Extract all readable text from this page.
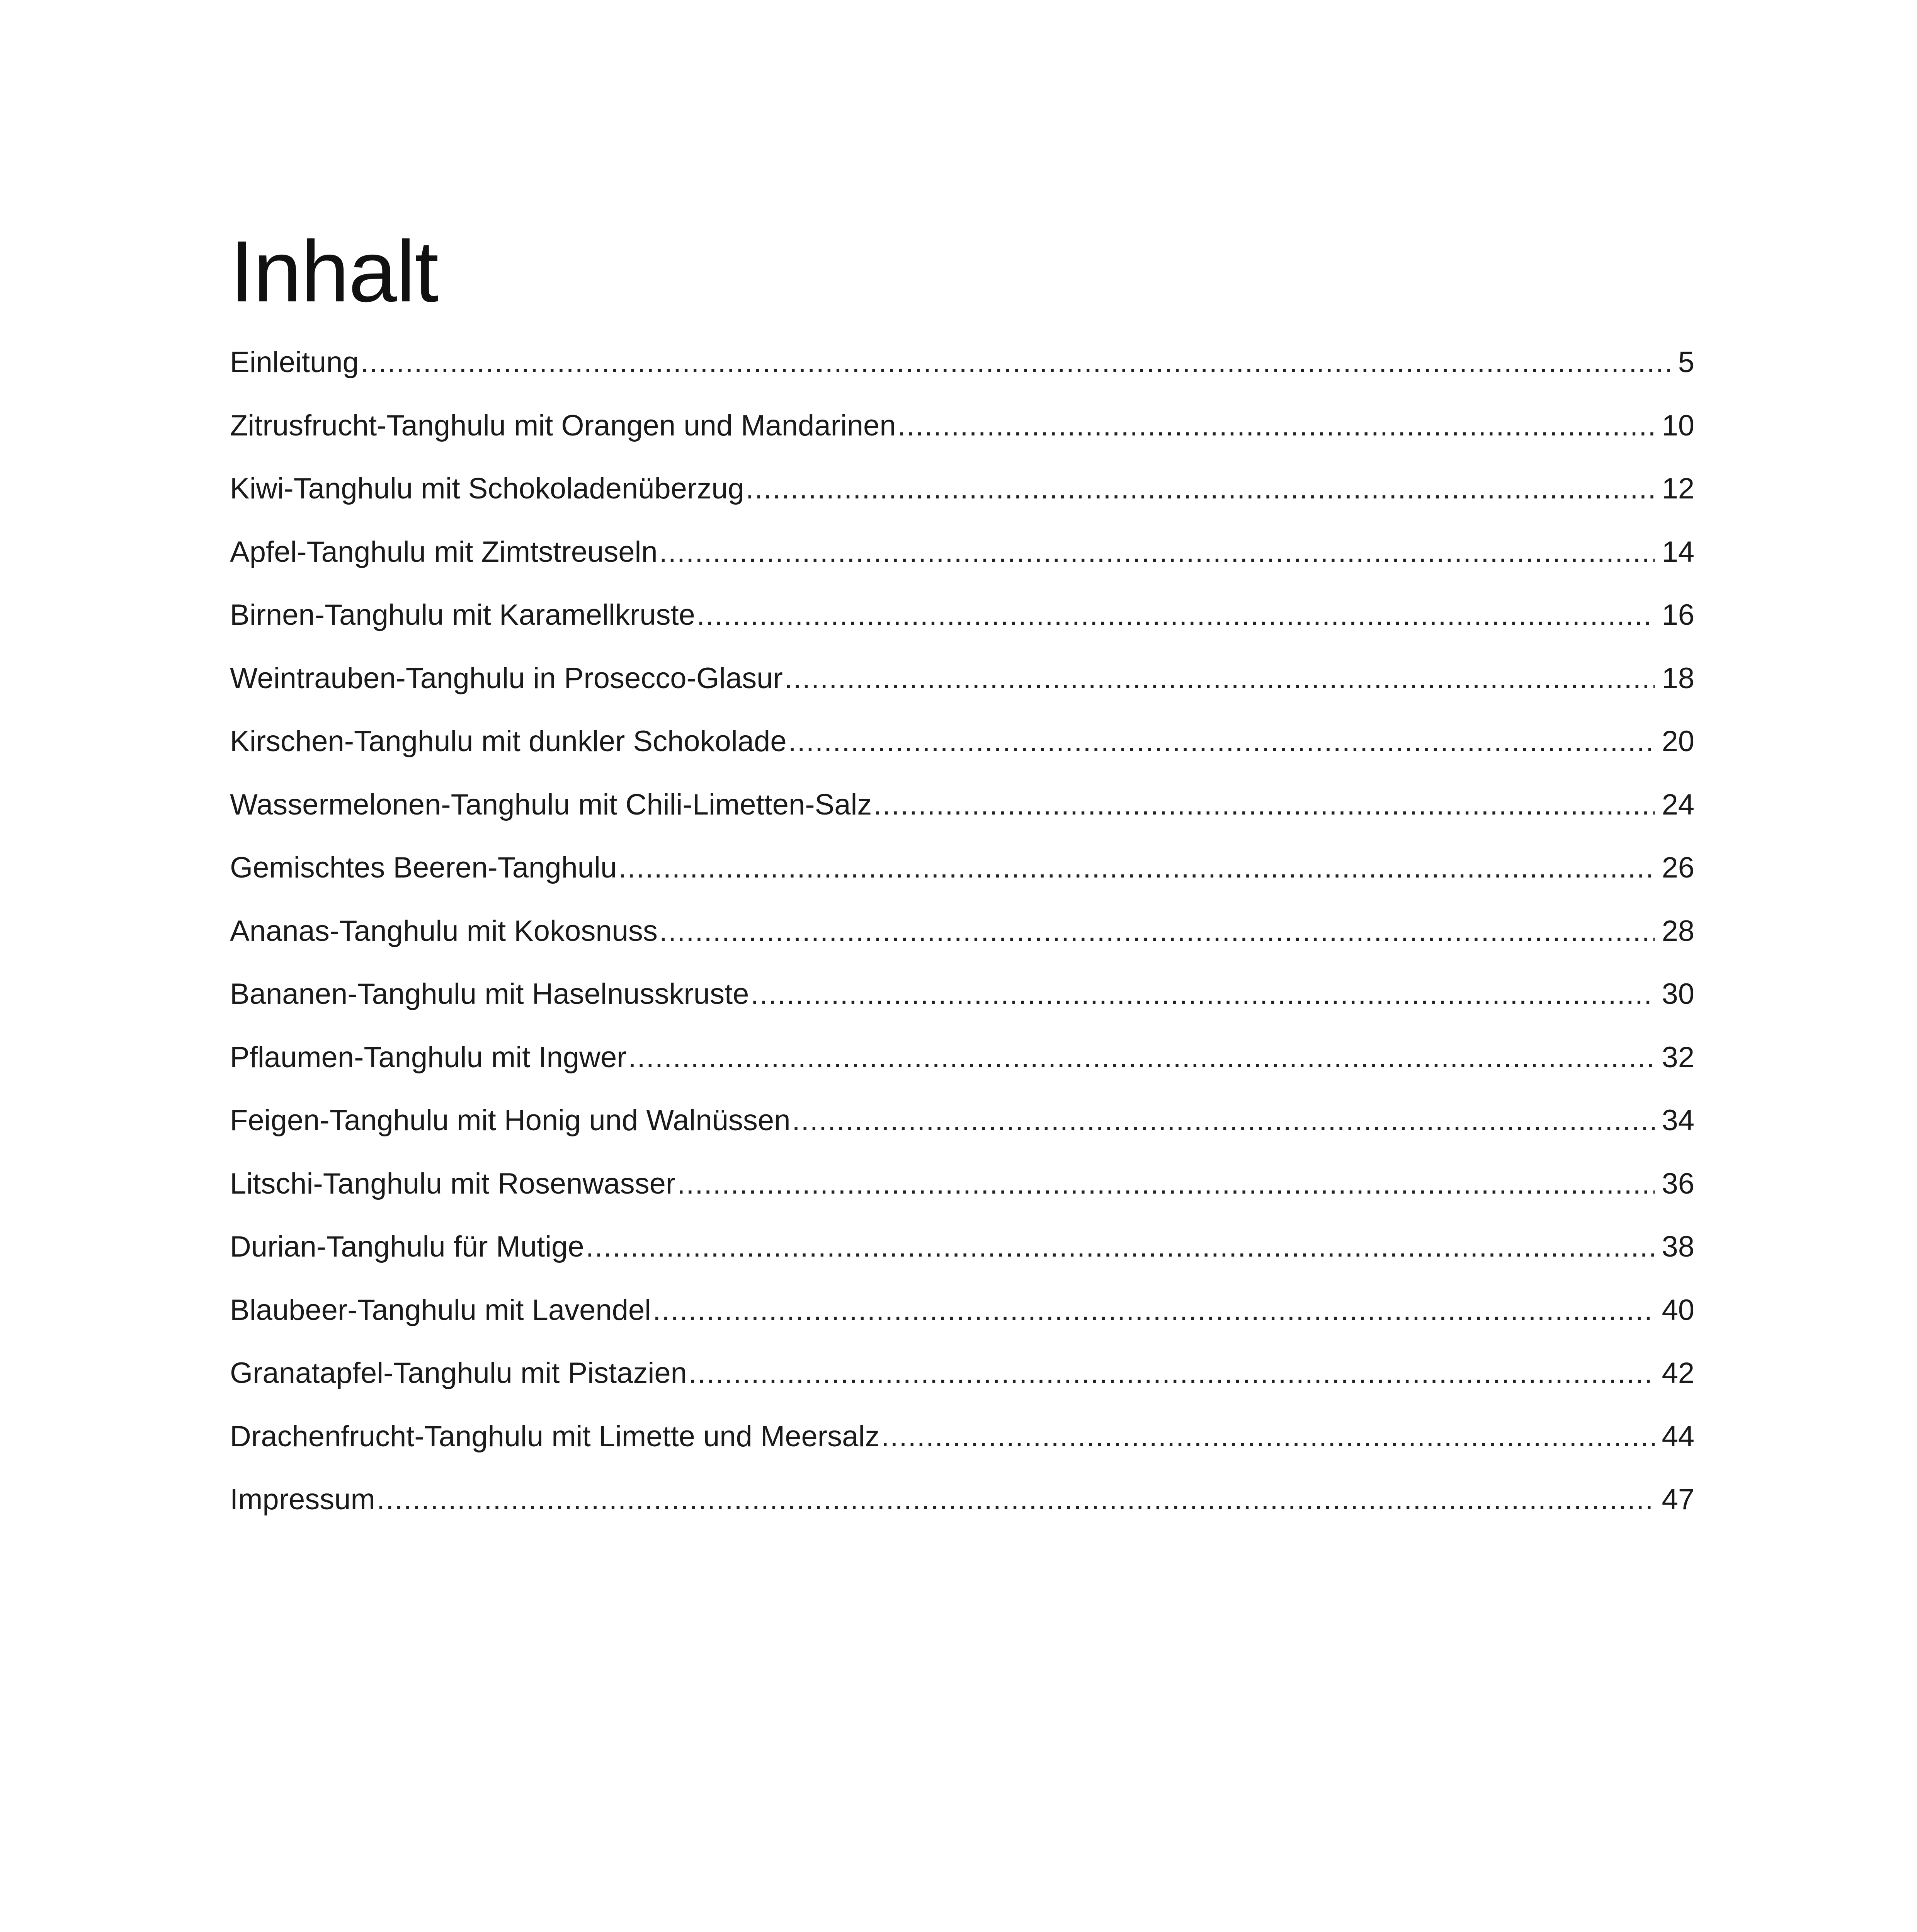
Inhalt
Einleitung .....	5
Zitrusfrucht-Tanghulu mit Orangen und Mandarinen .....	10
Kiwi-Tanghulu mit Schokoladenüberzug .....	12
Apfel-Tanghulu mit Zimtstreuseln .....	14
Birnen-Tanghulu mit Karamellkruste .....	16
Weintrauben-Tanghulu in Prosecco-Glasur .....	18
Kirschen-Tanghulu mit dunkler Schokolade .....	20
Wassermelonen-Tanghulu mit Chili-Limetten-Salz .....	24
Gemischtes Beeren-Tanghulu .....	26
Ananas-Tanghulu mit Kokosnuss .....	28
Bananen-Tanghulu mit Haselnusskruste .....	30
Pflaumen-Tanghulu mit Ingwer .....	32
Feigen-Tanghulu mit Honig und Walnüssen .....	34
Litschi-Tanghulu mit Rosenwasser .....	36
Durian-Tanghulu für Mutige .....	38
Blaubeer-Tanghulu mit Lavendel .....	40
Granatapfel-Tanghulu mit Pistazien .....	42
Drachenfrucht-Tanghulu mit Limette und Meersalz .....	44
Impressum .....	47
